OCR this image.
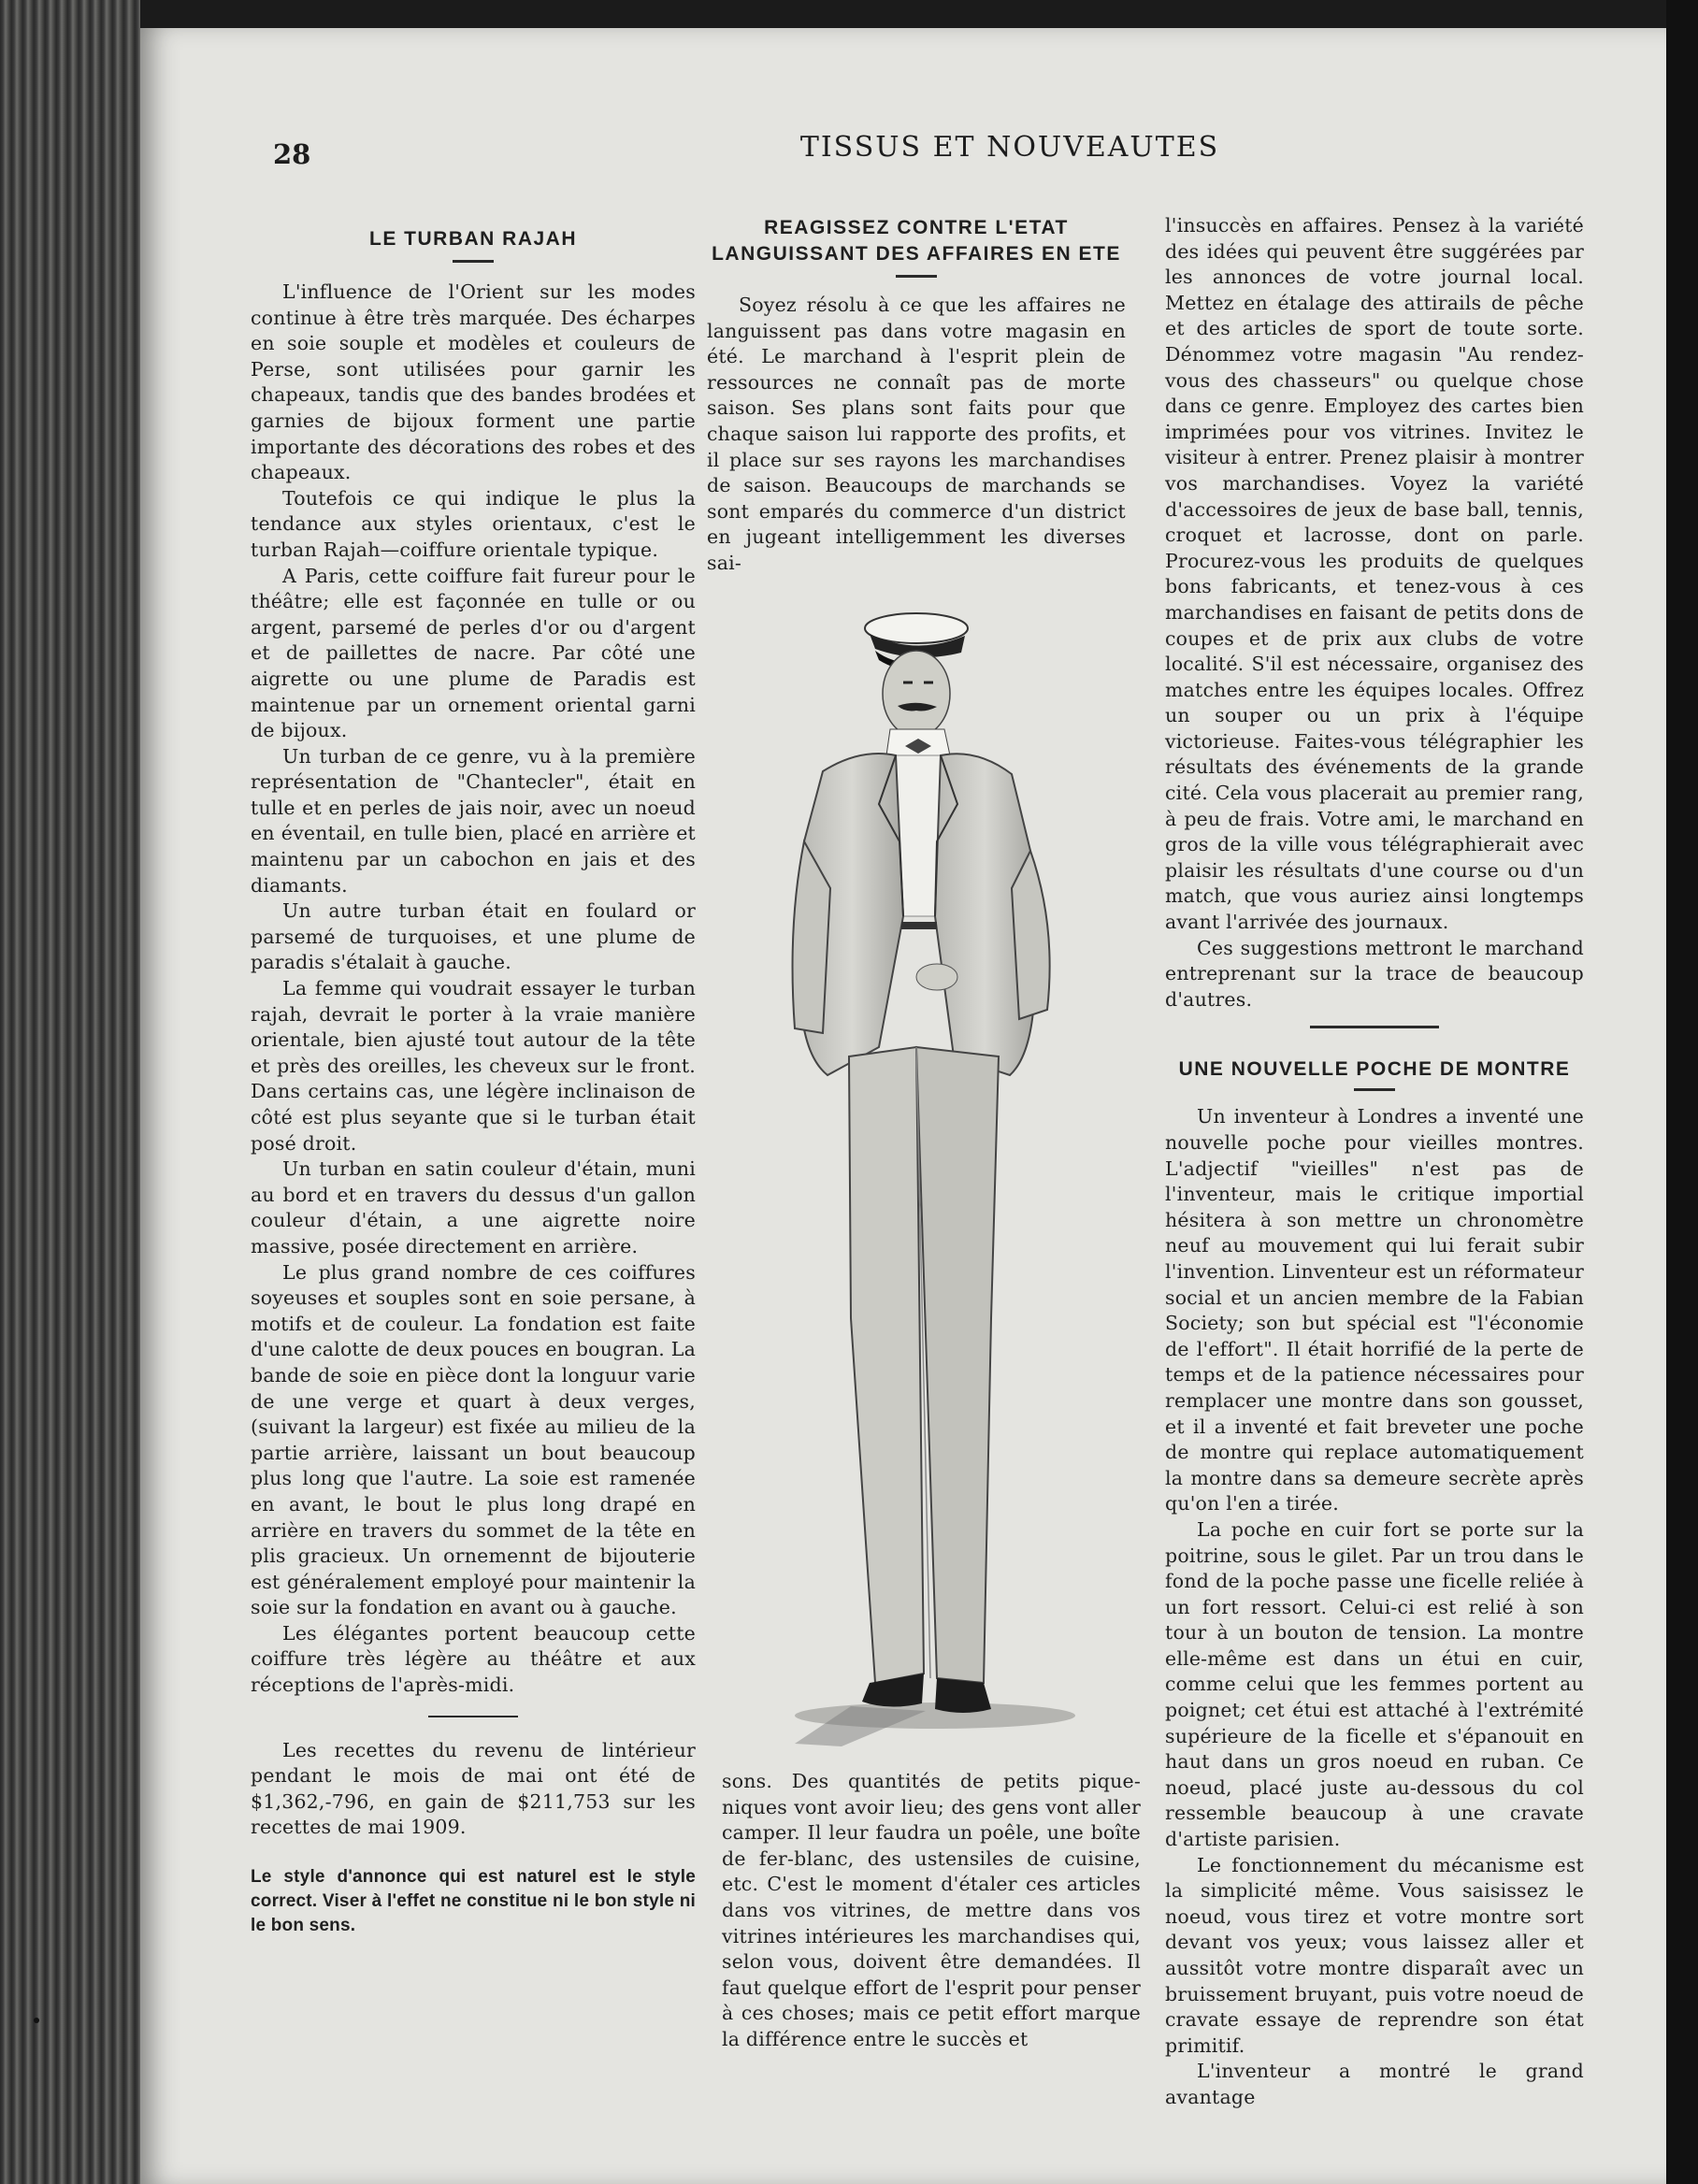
28	TISSUS ET NOUVEAUTES
LE TURBAN RAJAH

L'influence de l'Orient sur les modes continue à être très marquée. Des écharpes en soie souple et modèles et couleurs de Perse, sont utilisées pour garnir les chapeaux, tandis que des bandes brodées et garnies de bijoux forment une partie importante des décorations des robes et des chapeaux.

Toutefois ce qui indique le plus la tendance aux styles orientaux, c'est le turban Rajah—coiffure orientale typique.

A Paris, cette coiffure fait fureur pour le théâtre; elle est façonnée en tulle or ou argent, parsemé de perles d'or ou d'argent et de paillettes de nacre. Par côté une aigrette ou une plume de Paradis est maintenue par un ornement oriental garni de bijoux.

Un turban de ce genre, vu à la première représentation de "Chantecler", était en tulle et en perles de jais noir, avec un noeud en éventail, en tulle bien, placé en arrière et maintenu par un cabochon en jais et des diamants.

Un autre turban était en foulard or parsemé de turquoises, et une plume de paradis s'étalait à gauche.

La femme qui voudrait essayer le turban rajah, devrait le porter à la vraie manière orientale, bien ajusté tout autour de la tête et près des oreilles, les cheveux sur le front. Dans certains cas, une légère inclinaison de côté est plus seyante que si le turban était posé droit.

Un turban en satin couleur d'étain, muni au bord et en travers du dessus d'un gallon couleur d'étain, a une aigrette noire massive, posée directement en arrière.

Le plus grand nombre de ces coiffures soyeuses et souples sont en soie persane, à motifs et de couleur. La fondation est faite d'une calotte de deux pouces en bougran. La bande de soie en pièce dont la longuur varie de une verge et quart à deux verges, (suivant la largeur) est fixée au milieu de la partie arrière, laissant un bout beaucoup plus long que l'autre. La soie est ramenée en avant, le bout le plus long drapé en arrière en travers du sommet de la tête en plis gracieux. Un ornemennt de bijouterie est généralement employé pour maintenir la soie sur la fondation en avant ou à gauche.

Les élégantes portent beaucoup cette coiffure très légère au théâtre et aux réceptions de l'après-midi.

Les recettes du revenu de lintérieur pendant le mois de mai ont été de $1,362,-796, en gain de $211,753 sur les recettes de mai 1909.

Le style d'annonce qui est naturel est le style correct. Viser à l'effet ne constitue ni le bon style ni le bon sens.
REAGISSEZ CONTRE L'ETAT LANGUISSANT DES AFFAIRES EN ETE

Soyez résolu à ce que les affaires ne languissent pas dans votre magasin en été. Le marchand à l'esprit plein de ressources ne connaît pas de morte saison. Ses plans sont faits pour que chaque saison lui rapporte des profits, et il place sur ses rayons les marchandises de saison. Beaucoups de marchands se sont emparés du commerce d'un district en jugeant intelligemment les diverses sai-

sons. Des quantités de petits pique-niques vont avoir lieu; des gens vont aller camper. Il leur faudra un poêle, une boîte de fer-blanc, des ustensiles de cuisine, etc. C'est le moment d'étaler ces articles dans vos vitrines, de mettre dans vos vitrines intérieures les marchandises qui, selon vous, doivent être demandées. Il faut quelque effort de l'esprit pour penser à ces choses; mais ce petit effort marque la différence entre le succès et

l'insuccès en affaires. Pensez à la variété des idées qui peuvent être suggérées par les annonces de votre journal local. Mettez en étalage des attirails de pêche et des articles de sport de toute sorte. Dénommez votre magasin "Au rendez-vous des chasseurs" ou quelque chose dans ce genre. Employez des cartes bien imprimées pour vos vitrines. Invitez le visiteur à entrer. Prenez plaisir à montrer vos marchandises. Voyez la variété d'accessoires de jeux de base ball, tennis, croquet et lacrosse, dont on parle. Procurez-vous les produits de quelques bons fabricants, et tenez-vous à ces marchandises en faisant de petits dons de coupes et de prix aux clubs de votre localité. S'il est nécessaire, organisez des matches entre les équipes locales. Offrez un souper ou un prix à l'équipe victorieuse. Faites-vous télégraphier les résultats des événements de la grande cité. Cela vous placerait au premier rang, à peu de frais. Votre ami, le marchand en gros de la ville vous télégraphierait avec plaisir les résultats d'une course ou d'un match, que vous auriez ainsi longtemps avant l'arrivée des journaux.

Ces suggestions mettront le marchand entreprenant sur la trace de beaucoup d'autres.

UNE NOUVELLE POCHE DE MONTRE

Un inventeur à Londres a inventé une nouvelle poche pour vieilles montres. L'adjectif "vieilles" n'est pas de l'inventeur, mais le critique importial hésitera à son mettre un chronomètre neuf au mouvement qui lui ferait subir l'invention. Linventeur est un réformateur social et un ancien membre de la Fabian Society; son but spécial est "l'économie de l'effort". Il était horrifié de la perte de temps et de la patience nécessaires pour remplacer une montre dans son gousset, et il a inventé et fait breveter une poche de montre qui replace automatiquement la montre dans sa demeure secrète après qu'on l'en a tirée.

La poche en cuir fort se porte sur la poitrine, sous le gilet. Par un trou dans le fond de la poche passe une ficelle reliée à un fort ressort. Celui-ci est relié à son tour à un bouton de tension. La montre elle-même est dans un étui en cuir, comme celui que les femmes portent au poignet; cet étui est attaché à l'extrémité supérieure de la ficelle et s'épanouit en haut dans un gros noeud en ruban. Ce noeud, placé juste au-dessous du col ressemble beaucoup à une cravate d'artiste parisien.

Le fonctionnement du mécanisme est la simplicité même. Vous saisissez le noeud, vous tirez et votre montre sort devant vos yeux; vous laissez aller et aussitôt votre montre disparaît avec un bruissement bruyant, puis votre noeud de cravate essaye de reprendre son état primitif.

L'inventeur a montré le grand avantage
